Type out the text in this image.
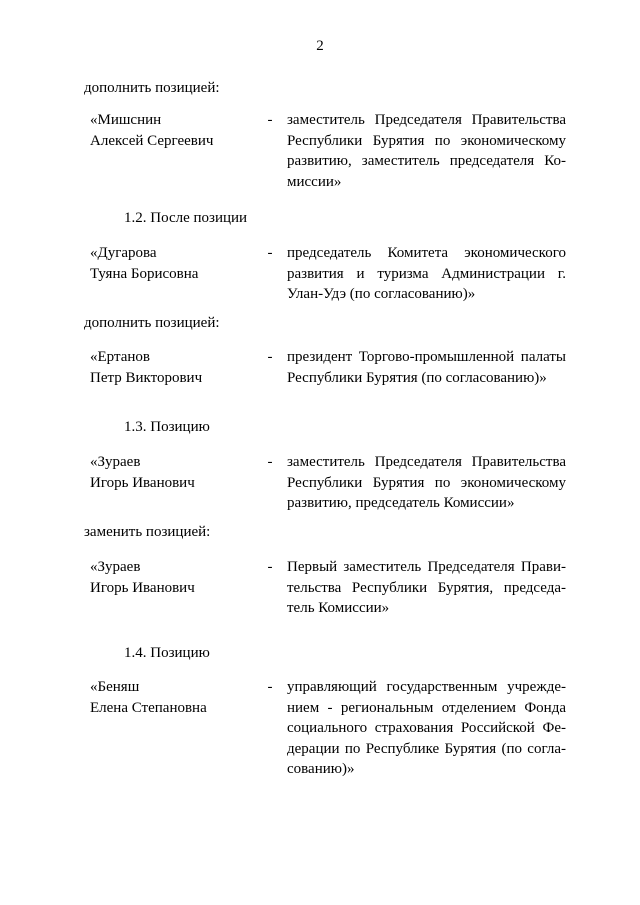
2
дополнить позицией:
«Мишснин
Алексей Сергеевич
- заместитель Председателя Правительства
Республики Бурятия по экономическому
развитию, заместитель председателя Ко-
миссии»
1.2. После позиции
«Дугарова
Туяна Борисовна
- председатель Комитета экономического
развития и туризма Администрации г.
Улан-Удэ (по согласованию)»
дополнить позицией:
«Ертанов
Петр Викторович
- президент Торгово-промышленной палаты
Республики Бурятия (по согласованию)»
1.3. Позицию
«Зураев
Игорь Иванович
- заместитель Председателя Правительства
Республики Бурятия по экономическому
развитию, председатель Комиссии»
заменить позицией:
«Зураев
Игорь Иванович
- Первый заместитель Председателя Прави-
тельства Республики Бурятия, председа-
тель Комиссии»
1.4. Позицию
«Беняш
Елена Степановна
- управляющий государственным учрежде-
нием - региональным отделением Фонда
социального страхования Российской Фе-
дерации по Республике Бурятия (по согла-
сованию)»
